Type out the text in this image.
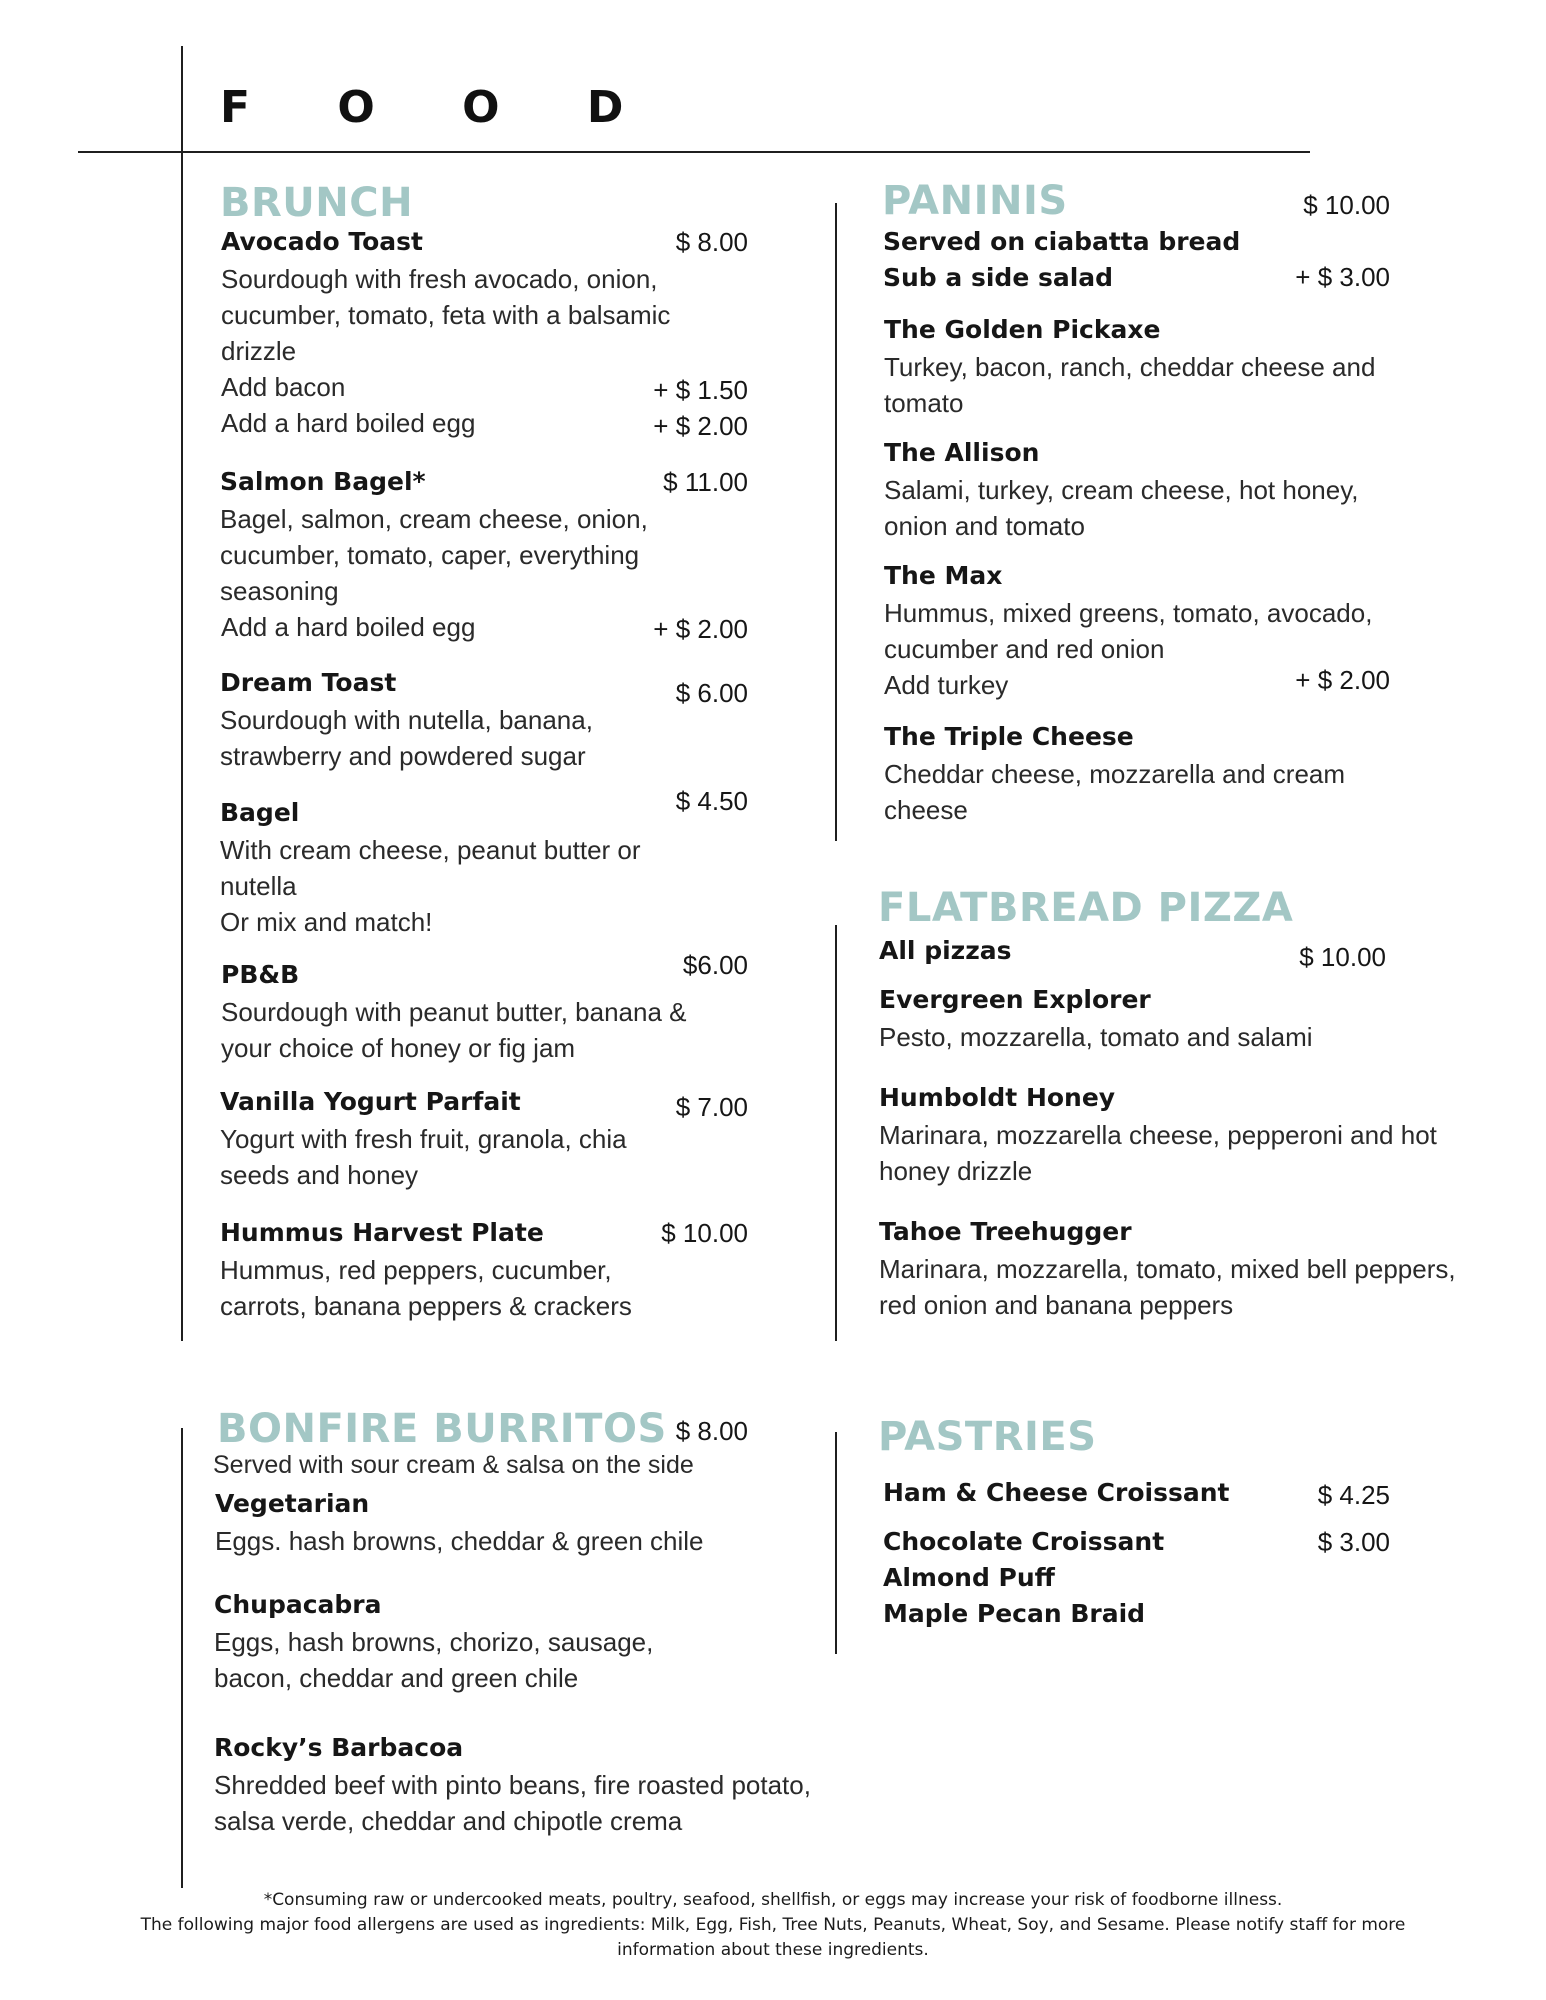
F O O D
BRUNCH
Avocado Toast	$ 8.00
Sourdough with fresh avocado, onion, cucumber, tomato, feta with a balsamic drizzle
Add bacon	+ $ 1.50
Add a hard boiled egg	+ $ 2.00
Salmon Bagel*	$ 11.00
Bagel, salmon, cream cheese, onion, cucumber, tomato, caper, everything seasoning
Add a hard boiled egg	+ $ 2.00
Dream Toast	$ 6.00
Sourdough with nutella, banana, strawberry and powdered sugar
Bagel	$ 4.50
With cream cheese, peanut butter or nutella
Or mix and match!
PB&B	$6.00
Sourdough with peanut butter, banana & your choice of honey or fig jam
Vanilla Yogurt Parfait	$ 7.00
Yogurt with fresh fruit, granola, chia seeds and honey
Hummus Harvest Plate	$ 10.00
Hummus, red peppers, cucumber, carrots, banana peppers & crackers
PANINIS	$ 10.00
Served on ciabatta bread
Sub a side salad	+ $ 3.00
The Golden Pickaxe
Turkey, bacon, ranch, cheddar cheese and tomato
The Allison
Salami, turkey, cream cheese, hot honey, onion and tomato
The Max
Hummus, mixed greens, tomato, avocado, cucumber and red onion
Add turkey	+ $ 2.00
The Triple Cheese
Cheddar cheese, mozzarella and cream cheese
FLATBREAD PIZZA
All pizzas	$ 10.00
Evergreen Explorer
Pesto, mozzarella, tomato and salami
Humboldt Honey
Marinara, mozzarella cheese, pepperoni and hot honey drizzle
Tahoe Treehugger
Marinara, mozzarella, tomato, mixed bell peppers, red onion and banana peppers
BONFIRE BURRITOS $ 8.00
Served with sour cream & salsa on the side
Vegetarian
Eggs. hash browns, cheddar & green chile
Chupacabra
Eggs, hash browns, chorizo, sausage, bacon, cheddar and green chile
Rocky’s Barbacoa
Shredded beef with pinto beans, fire roasted potato, salsa verde, cheddar and chipotle crema
PASTRIES
Ham & Cheese Croissant	$ 4.25
Chocolate Croissant	$ 3.00
Almond Puff
Maple Pecan Braid
*Consuming raw or undercooked meats, poultry, seafood, shellfish, or eggs may increase your risk of foodborne illness.
The following major food allergens are used as ingredients: Milk, Egg, Fish, Tree Nuts, Peanuts, Wheat, Soy, and Sesame. Please notify staff for more
information about these ingredients.
